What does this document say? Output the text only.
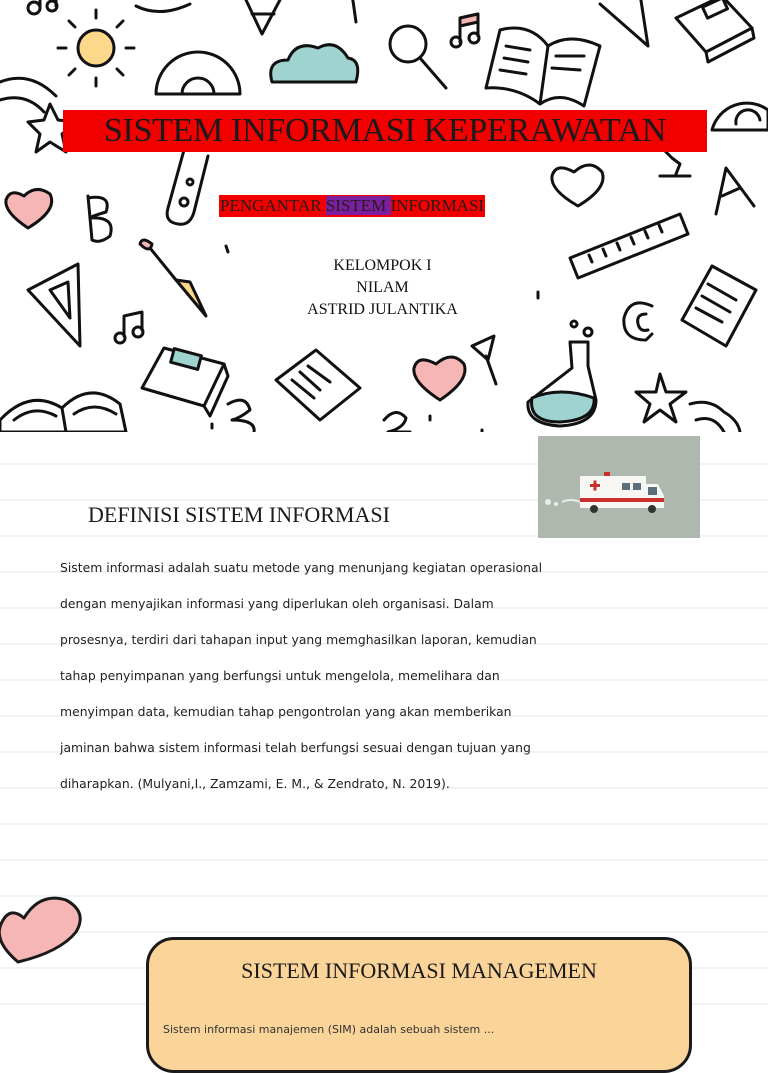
SISTEM INFORMASI KEPERAWATAN
PENGANTAR SISTEM INFORMASI
KELOMPOK I
NILAM
ASTRID JULANTIKA
DEFINISI SISTEM INFORMASI
Sistem informasi adalah suatu metode yang menunjang kegiatan operasional
dengan menyajikan informasi yang diperlukan oleh organisasi. Dalam
prosesnya, terdiri dari tahapan input yang memghasilkan laporan, kemudian
tahap penyimpanan yang berfungsi untuk mengelola, memelihara dan
menyimpan data, kemudian tahap pengontrolan yang akan memberikan
jaminan bahwa sistem informasi telah berfungsi sesuai dengan tujuan yang
diharapkan. (Mulyani,I., Zamzami, E. M., & Zendrato, N. 2019).
SISTEM INFORMASI MANAGEMEN
Sistem informasi manajemen (SIM) adalah sebuah sistem ...
